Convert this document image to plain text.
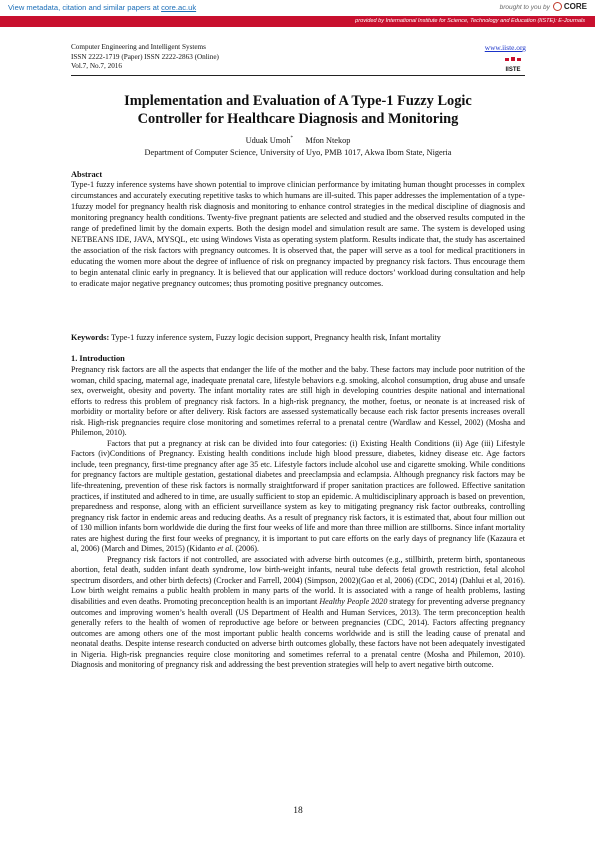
View metadata, citation and similar papers at core.ac.uk	brought to you by CORE
provided by International Institute for Science, Technology and Education (IISTE): E-Journals
Computer Engineering and Intelligent Systems
ISSN 2222-1719 (Paper) ISSN 2222-2863 (Online)
Vol.7, No.7, 2016
www.iiste.org
IISTE
Implementation and Evaluation of A Type-1 Fuzzy Logic
Controller for Healthcare Diagnosis and Monitoring
Uduak Umoh* Mfon Ntekop
Department of Computer Science, University of Uyo, PMB 1017, Akwa Ibom State, Nigeria
Abstract
Type-1 fuzzy inference systems have shown potential to improve clinician performance by imitating human thought processes in complex circumstances and accurately executing repetitive tasks to which humans are ill-suited. This paper addresses the implementation of a type-1fuzzy model for pregnancy health risk diagnosis and monitoring to enhance control strategies in the medical discipline of diagnosis and monitoring pregnancy health conditions. Twenty-five pregnant patients are selected and studied and the observed results computed in the range of predefined limit by the domain experts. Both the design model and simulation result are same. The system is developed using NETBEANS IDE, JAVA, MYSQL, etc using Windows Vista as operating system platform. Results indicate that, the study has ascertained the association of the risk factors with pregnancy outcomes. It is observed that, the paper will serve as a tool for medical practitioners in educating the women more about the degree of influence of risk on pregnancy impacted by pregnancy risk factors. Thus encourage them to begin antenatal clinic early in pregnancy. It is believed that our application will reduce doctors’ workload during consultation and help to eradicate major negative pregnancy outcomes; thus promoting positive pregnancy outcomes.
Keywords: Type-1 fuzzy inference system, Fuzzy logic decision support, Pregnancy health risk, Infant mortality
1. Introduction

Pregnancy risk factors are all the aspects that endanger the life of the mother and the baby. These factors may include poor nutrition of the woman, child spacing, maternal age, inadequate prenatal care, lifestyle behaviors e.g. smoking, alcohol consumption, drug abuse and unsafe sex, overweight, obesity and poverty. The infant mortality rates are still high in developing countries despite national and international efforts to redress this problem of pregnancy risk factors. In a high-risk pregnancy, the mother, foetus, or neonate is at increased risk of morbidity or mortality before or after delivery. Risk factors are assessed systematically because each risk factor presents increases overall risk. High-risk pregnancies require close monitoring and sometimes referral to a prenatal centre (Wardlaw and Kessel, 2002) (Mosha and Philemon, 2010).

Factors that put a pregnancy at risk can be divided into four categories: (i) Existing Health Conditions (ii) Age (iii) Lifestyle Factors (iv)Conditions of Pregnancy. Existing health conditions include high blood pressure, diabetes, kidney disease etc. Age factors include, teen pregnancy, first-time pregnancy after age 35 etc. Lifestyle factors include alcohol use and cigarette smoking. While conditions for pregnancy factors are multiple gestation, gestational diabetes and preeclampsia and eclampsia. Although pregnancy risk factors may be life-threatening, prevention of these risk factors is normally straightforward if proper sanitation practices are followed. Effective sanitation practices, if instituted and adhered to in time, are usually sufficient to stop an epidemic. A multidisciplinary approach is based on prevention, preparedness and response, along with an efficient surveillance system as key to mitigating pregnancy risk factor outbreaks, controlling pregnancy risk factor in endemic areas and reducing deaths. As a result of pregnancy risk factors, it is estimated that, about four million out of 130 million infants born worldwide die during the first four weeks of life and more than three million are stillborns. Since infant mortality rates are highest during the first four weeks of pregnancy, it is important to put care efforts on the early days of pregnancy life (Kazaura et al, 2006) (March and Dimes, 2015) (Kidanto et al. (2006).

Pregnancy risk factors if not controlled, are associated with adverse birth outcomes (e.g., stillbirth, preterm birth, spontaneous abortion, fetal death, sudden infant death syndrome, low birth-weight infants, neural tube defects fetal growth restriction, fetal alcohol spectrum disorders, and other birth defects) (Crocker and Farrell, 2004) (Simpson, 2002)(Gao et al, 2006) (CDC, 2014) (Dahlui et al, 2016). Low birth weight remains a public health problem in many parts of the world. It is associated with a range of health problems, lasting disabilities and even deaths. Promoting preconception health is an important Healthy People 2020 strategy for preventing adverse pregnancy outcomes and improving women’s health overall (US Department of Health and Human Services, 2013). The term preconception health generally refers to the health of women of reproductive age before or between pregnancies (CDC, 2014). Factors affecting pregnancy outcomes are among others one of the most important public health concerns worldwide and is still the leading cause of prenatal and neonatal deaths. Despite intense research conducted on adverse birth outcomes globally, these factors have not been adequately investigated in Nigeria. High-risk pregnancies require close monitoring and sometimes referral to a prenatal centre (Mosha and Philemon, 2010). Diagnosis and monitoring of pregnancy risk and addressing the best prevention strategies will help to avert negative birth outcome.

18
